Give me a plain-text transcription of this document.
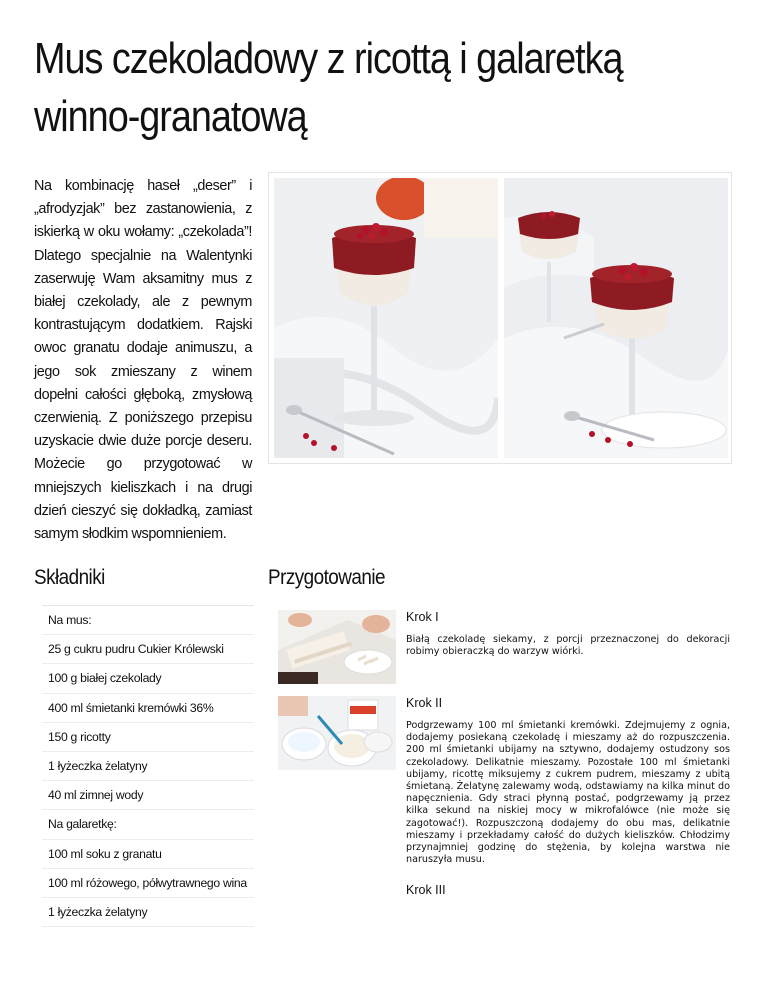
Mus czekoladowy z ricottą i galaretką winno-granatową

Na kombinację haseł „deser” i „afrodyzjak” bez zastanowienia, z iskierką w oku wołamy: „czekolada”! Dlatego specjalnie na Walentynki zaserwuję Wam aksamitny mus z białej czekolady, ale z pewnym kontrastującym dodatkiem. Rajski owoc granatu dodaje animuszu, a jego sok zmieszany z winem dopełni całości głęboką, zmysłową czerwienią. Z poniższego przepisu uzyskacie dwie duże porcje deseru. Możecie go przygotować w mniejszych kieliszkach i na drugi dzień cieszyć się dokładką, zamiast samym słodkim wspomnieniem.

Składniki	Przygotowanie
Na mus:
25 g cukru pudru Cukier Królewski
100 g białej czekolady
400 ml śmietanki kremówki 36%
150 g ricotty
1 łyżeczka żelatyny
40 ml zimnej wody
Na galaretkę:
100 ml soku z granatu
100 ml różowego, półwytrawnego wina
1 łyżeczka żelatyny
Krok I

Białą czekoladę siekamy, z porcji przeznaczonej do dekoracji robimy obieraczką do warzyw wiórki.

Krok II

Podgrzewamy 100 ml śmietanki kremówki. Zdejmujemy z ognia, dodajemy posiekaną czekoladę i mieszamy aż do rozpuszczenia. 200 ml śmietanki ubijamy na sztywno, dodajemy ostudzony sos czekoladowy. Delikatnie mieszamy. Pozostałe 100 ml śmietanki ubijamy, ricottę miksujemy z cukrem pudrem, mieszamy z ubitą śmietaną. Żelatynę zalewamy wodą, odstawiamy na kilka minut do napęcznienia. Gdy straci płynną postać, podgrzewamy ją przez kilka sekund na niskiej mocy w mikrofalówce (nie może się zagotować!). Rozpuszczoną dodajemy do obu mas, delikatnie mieszamy i przekładamy całość do dużych kieliszków. Chłodzimy przynajmniej godzinę do stężenia, by kolejna warstwa nie naruszyła musu.

Krok III
